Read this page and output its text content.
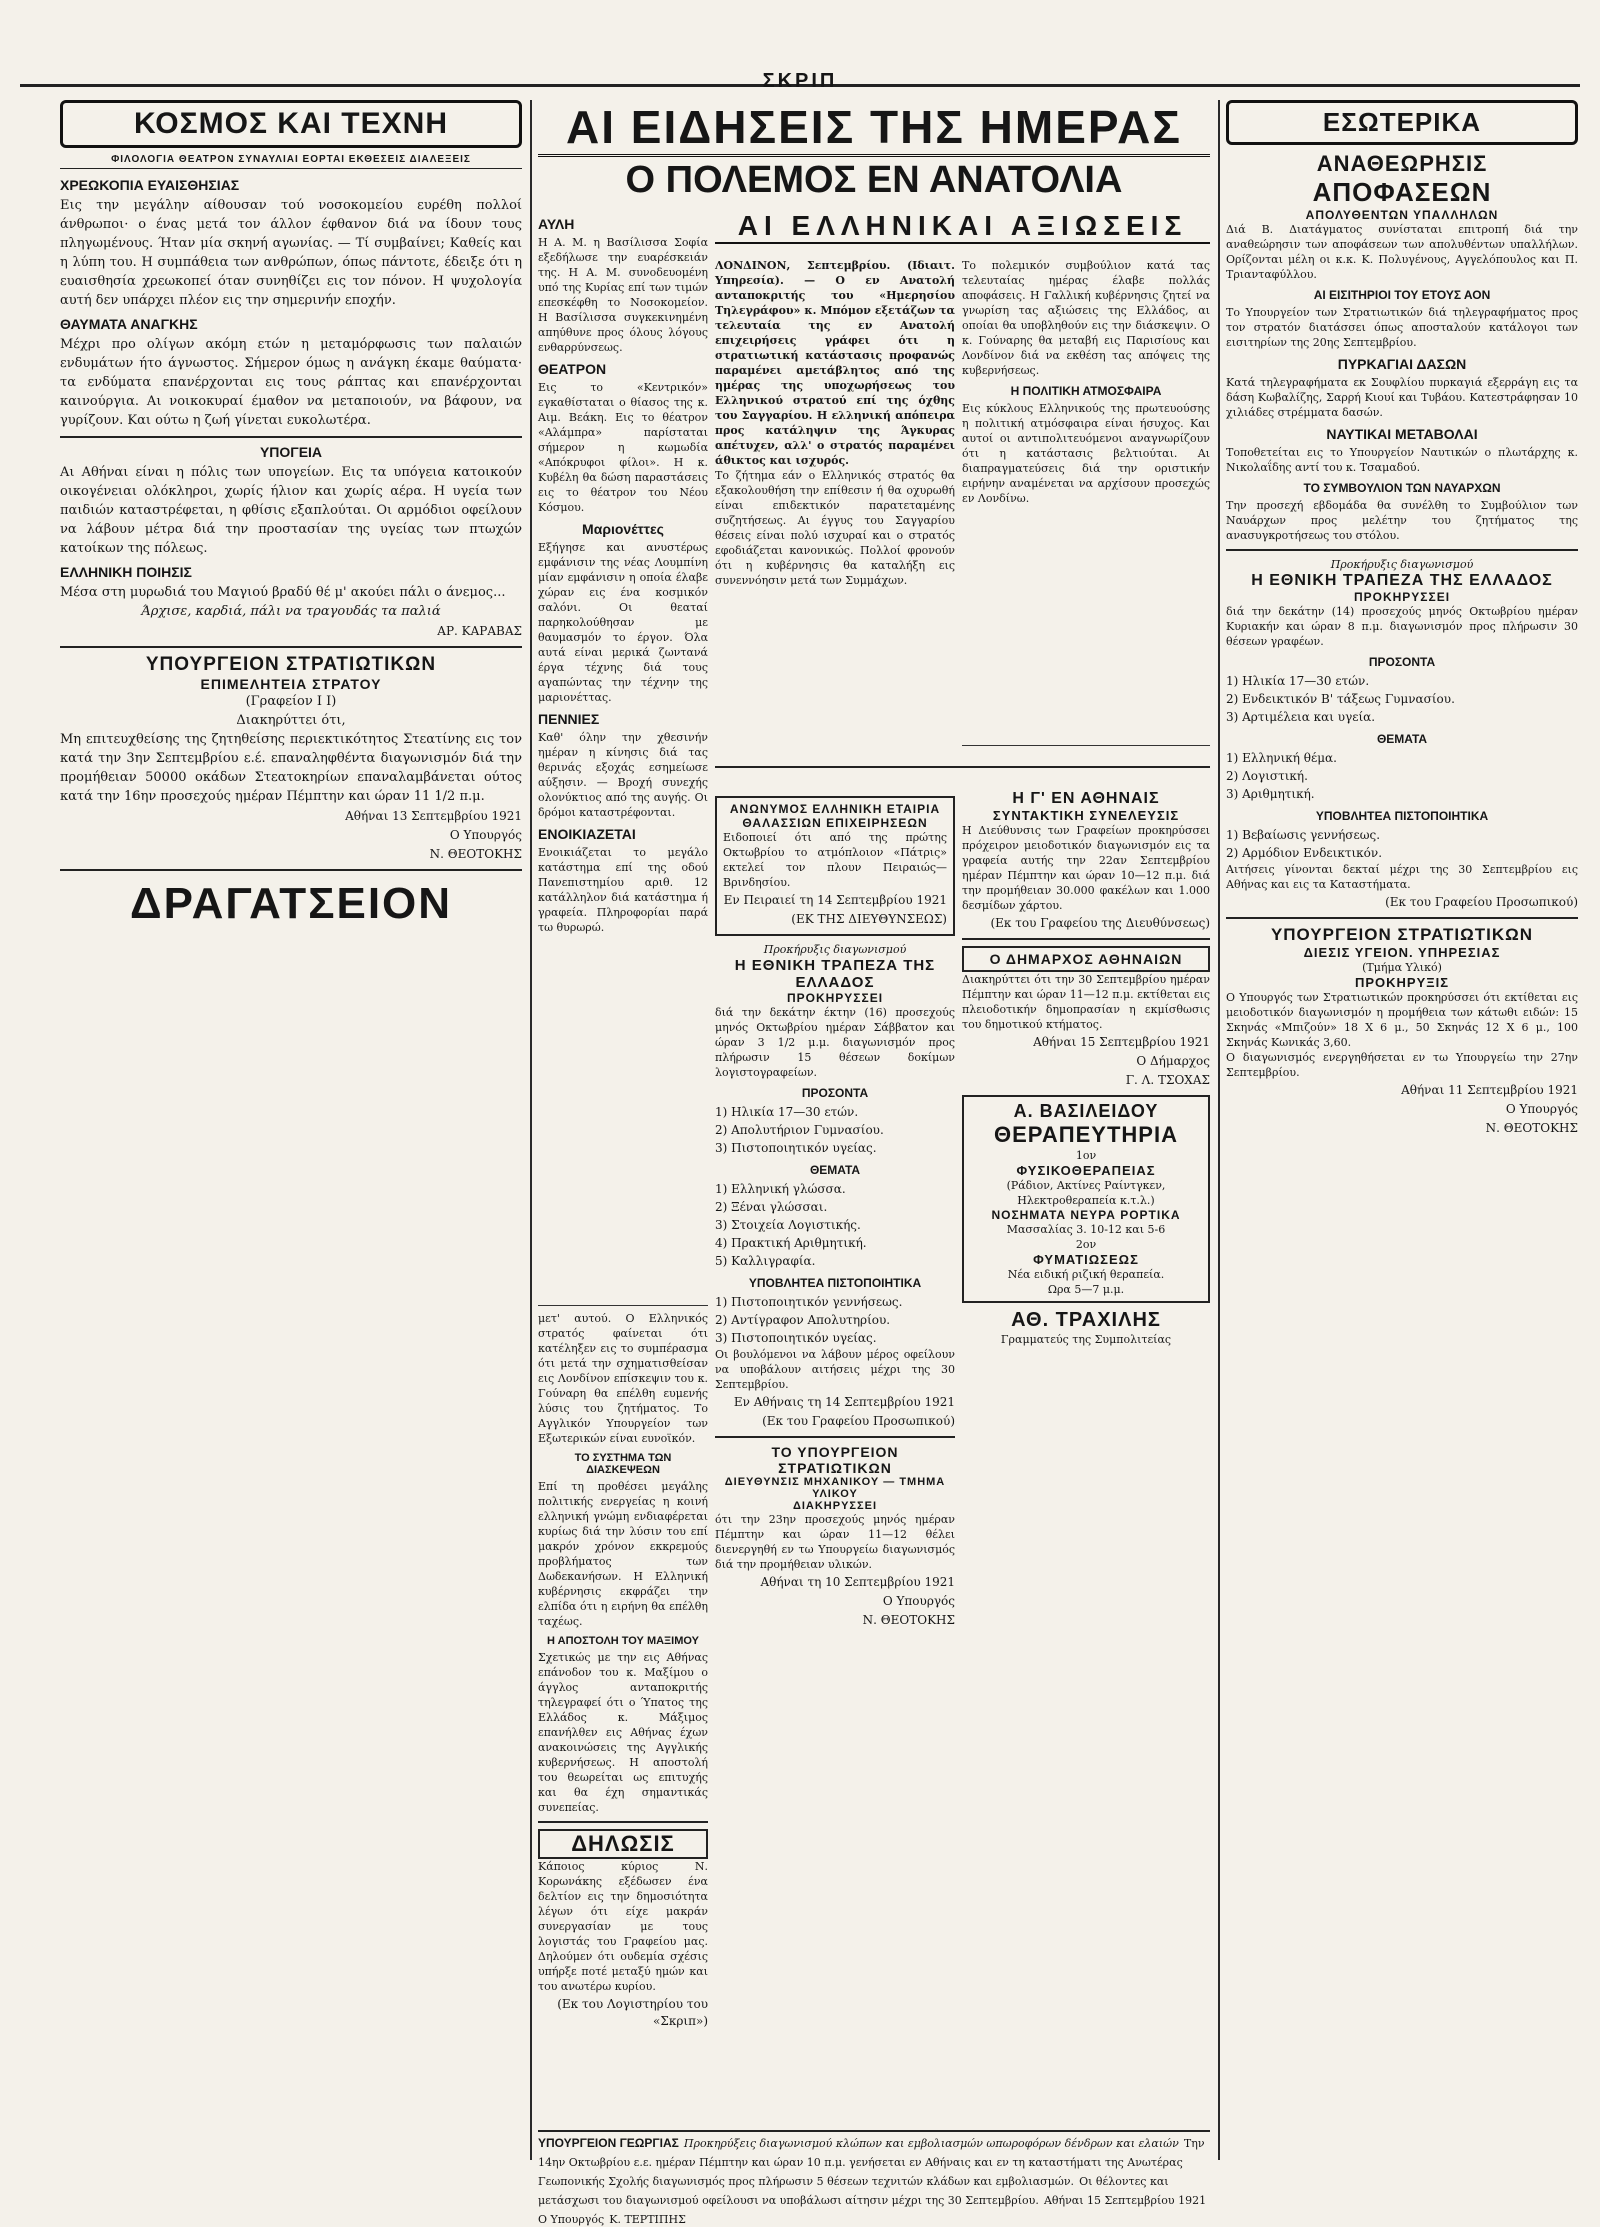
ΣΚΡΙΠ
ΚΟΣΜΟΣ ΚΑΙ ΤΕΧΝΗ
ΦΙΛΟΛΟΓΙΑ ΘΕΑΤΡΟΝ ΣΥΝΑΥΛΙΑΙ ΕΟΡΤΑΙ ΕΚΘΕΣΕΙΣ ΔΙΑΛΕΞΕΙΣ
ΧΡΕΩΚΟΠΙΑ ΕΥΑΙΣΘΗΣΙΑΣ

Εις την μεγάλην αίθουσαν τού νοσοκομείου ευρέθη πολλοί άνθρωποι· ο ένας μετά τον άλλον έφθανον διά να ίδουν τους πληγωμένους. Ήταν μία σκηνή αγωνίας. — Τί συμβαίνει; Καθείς και η λύπη του. Η συμπάθεια των ανθρώπων, όπως πάντοτε, έδειξε ότι η ευαισθησία χρεωκοπεί όταν συνηθίζει εις τον πόνον. Η ψυχολογία αυτή δεν υπάρχει πλέον εις την σημερινήν εποχήν.

ΘΑΥΜΑΤΑ ΑΝΑΓΚΗΣ

Μέχρι προ ολίγων ακόμη ετών η μεταμόρφωσις των παλαιών ενδυμάτων ήτο άγνωστος. Σήμερον όμως η ανάγκη έκαμε θαύματα· τα ενδύματα επανέρχονται εις τους ράπτας και επανέρχονται καινούργια. Αι νοικοκυραί έμαθον να μεταποιούν, να βάφουν, να γυρίζουν. Και ούτω η ζωή γίνεται ευκολωτέρα.

ΥΠΟΓΕΙΑ

Αι Αθήναι είναι η πόλις των υπογείων. Εις τα υπόγεια κατοικούν οικογένειαι ολόκληροι, χωρίς ήλιον και χωρίς αέρα. Η υγεία των παιδιών καταστρέφεται, η φθίσις εξαπλούται. Οι αρμόδιοι οφείλουν να λάβουν μέτρα διά την προστασίαν της υγείας των πτωχών κατοίκων της πόλεως.

ΕΛΛΗΝΙΚΗ ΠΟΙΗΣΙΣ

Μέσα στη μυρωδιά του Μαγιού βραδύ θέ μ' ακούει πάλι ο άνεμος...

Άρχισε, καρδιά, πάλι να τραγουδάς τα παλιά

ΑΡ. ΚΑΡΑΒΑΣ
ΥΠΟΥΡΓΕΙΟΝ ΣΤΡΑΤΙΩΤΙΚΩΝ
ΕΠΙΜΕΛΗΤΕΙΑ ΣΤΡΑΤΟΥ

(Γραφείον Ι Ι)

Διακηρύττει ότι,

Μη επιτευχθείσης της ζητηθείσης περιεκτικότητος Στεατίνης εις τον κατά την 3ην Σεπτεμβρίου ε.έ. επαναληφθέντα διαγωνισμόν διά την προμήθειαν 50000 οκάδων Στεατοκηρίων επαναλαμβάνεται ούτος κατά την 16ην προσεχούς ημέραν Πέμπτην και ώραν 11 1/2 π.μ.

Αθήναι 13 Σεπτεμβρίου 1921
Ο Υπουργός
Ν. ΘΕΟΤΟΚΗΣ
ΔΡΑΓΑΤΣΕΙΟΝ
ΑΥΛΗ

Η Α. Μ. η Βασίλισσα Σοφία εξεδήλωσε την ευαρέσκειάν της. Η Α. Μ. συνοδευομένη υπό της Κυρίας επί των τιμών επεσκέφθη το Νοσοκομείον. Η Βασίλισσα συγκεκινημένη απηύθυνε προς όλους λόγους ενθαρρύνσεως.

ΘΕΑΤΡΟΝ

Εις το «Κεντρικόν» εγκαθίσταται ο θίασος της κ. Αιμ. Βεάκη. Εις το θέατρον «Αλάμπρα» παρίσταται σήμερον η κωμωδία «Απόκρυφοι φίλοι». Η κ. Κυβέλη θα δώση παραστάσεις εις το θέατρον του Νέου Κόσμου.

Μαριονέττες

Εξήγησε και ανυστέρως εμφάνισιν της νέας Λουμπίνη μίαν εμφάνισιν η οποία έλαβε χώραν εις ένα κοσμικόν σαλόνι. Οι θεαταί παρηκολούθησαν με θαυμασμόν το έργον. Όλα αυτά είναι μερικά ζωντανά έργα τέχνης διά τους αγαπώντας την τέχνην της μαριονέττας.

ΠΕΝΝΙΕΣ

Καθ' όλην την χθεσινήν ημέραν η κίνησις διά τας θερινάς εξοχάς εσημείωσε αύξησιν. — Βροχή συνεχής ολονύκτιος από της αυγής. Οι δρόμοι καταστρέφονται.

ΕΝΟΙΚΙΑΖΕΤΑΙ

Ενοικιάζεται το μεγάλο κατάστημα επί της οδού Πανεπιστημίου αριθ. 12 κατάλληλον διά κατάστημα ή γραφεία. Πληροφορίαι παρά τω θυρωρώ.

ΑΙ ΕΙΔΗΣΕΙΣ ΤΗΣ ΗΜΕΡΑΣ
Ο ΠΟΛΕΜΟΣ ΕΝ ΑΝΑΤΟΛΙΑ
ΑΙ ΕΛΛΗΝΙΚΑΙ ΑΞΙΩΣΕΙΣ

ΛΟΝΔΙΝΟΝ, Σεπτεμβρίου. (Ιδιαιτ. Υπηρεσία). — Ο εν Ανατολή ανταποκριτής του «Ημερησίου Τηλεγράφου» κ. Μπόμον εξετάζων τα τελευταία της εν Ανατολή επιχειρήσεις γράφει ότι η στρατιωτική κατάστασις προφανώς παραμένει αμετάβλητος από της ημέρας της υποχωρήσεως του Ελληνικού στρατού επί της όχθης του Σαγγαρίου. Η ελληνική απόπειρα προς κατάληψιν της Άγκυρας απέτυχεν, αλλ' ο στρατός παραμένει άθικτος και ισχυρός.

Το ζήτημα εάν ο Ελληνικός στρατός θα εξακολουθήση την επίθεσιν ή θα οχυρωθή είναι επιδεκτικόν παρατεταμένης συζητήσεως. Αι έγγυς του Σαγγαρίου θέσεις είναι πολύ ισχυραί και ο στρατός εφοδιάζεται κανονικώς. Πολλοί φρονούν ότι η κυβέρνησις θα καταλήξη εις συνεννόησιν μετά των Συμμάχων.

Το πολεμικόν συμβούλιον κατά τας τελευταίας ημέρας έλαβε πολλάς αποφάσεις. Η Γαλλική κυβέρνησις ζητεί να γνωρίση τας αξιώσεις της Ελλάδος, αι οποίαι θα υποβληθούν εις την διάσκεψιν. Ο κ. Γούναρης θα μεταβή εις Παρισίους και Λονδίνον διά να εκθέση τας απόψεις της κυβερνήσεως.

Η ΠΟΛΙΤΙΚΗ ΑΤΜΟΣΦΑΙΡΑ

Εις κύκλους Ελληνικούς της πρωτευούσης η πολιτική ατμόσφαιρα είναι ήσυχος. Και αυτοί οι αντιπολιτευόμενοι αναγνωρίζουν ότι η κατάστασις βελτιούται. Αι διαπραγματεύσεις διά την οριστικήν ειρήνην αναμένεται να αρχίσουν προσεχώς εν Λονδίνω.

ΑΝΩΝΥΜΟΣ ΕΛΛΗΝΙΚΗ ΕΤΑΙΡΙΑ ΘΑΛΑΣΣΙΩΝ ΕΠΙΧΕΙΡΗΣΕΩΝ

Ειδοποιεί ότι από της πρώτης Οκτωβρίου το ατμόπλοιον «Πάτρις» εκτελεί τον πλουν Πειραιώς—Βρινδησίου.

Εν Πειραιεί τη 14 Σεπτεμβρίου 1921
(ΕΚ ΤΗΣ ΔΙΕΥΘΥΝΣΕΩΣ)

Προκήρυξις διαγωνισμού

Η ΕΘΝΙΚΗ ΤΡΑΠΕΖΑ ΤΗΣ ΕΛΛΑΔΟΣ
ΠΡΟΚΗΡΥΣΣΕΙ

διά την δεκάτην έκτην (16) προσεχούς μηνός Οκτωβρίου ημέραν Σάββατον και ώραν 3 1/2 μ.μ. διαγωνισμόν προς πλήρωσιν 15 θέσεων δοκίμων λογιστογραφείων.

ΠΡΟΣΟΝΤΑ

1) Ηλικία 17—30 ετών.

2) Απολυτήριον Γυμνασίου.

3) Πιστοποιητικόν υγείας.

ΘΕΜΑΤΑ

1) Ελληνική γλώσσα.

2) Ξέναι γλώσσαι.

3) Στοιχεία Λογιστικής.

4) Πρακτική Αριθμητική.

5) Καλλιγραφία.

ΥΠΟΒΛΗΤΕΑ ΠΙΣΤΟΠΟΙΗΤΙΚΑ

1) Πιστοποιητικόν γεννήσεως.

2) Αντίγραφον Απολυτηρίου.

3) Πιστοποιητικόν υγείας.

Οι βουλόμενοι να λάβουν μέρος οφείλουν να υποβάλουν αιτήσεις μέχρι της 30 Σεπτεμβρίου.

Εν Αθήναις τη 14 Σεπτεμβρίου 1921
(Εκ του Γραφείου Προσωπικού)
ΤΟ ΥΠΟΥΡΓΕΙΟΝ ΣΤΡΑΤΙΩΤΙΚΩΝ
ΔΙΕΥΘΥΝΣΙΣ ΜΗΧΑΝΙΚΟΥ — ΤΜΗΜΑ ΥΛΙΚΟΥ
ΔΙΑΚΗΡΥΣΣΕΙ

ότι την 23ην προσεχούς μηνός ημέραν Πέμπτην και ώραν 11—12 θέλει διενεργηθή εν τω Υπουργείω διαγωνισμός διά την προμήθειαν υλικών.

Αθήναι τη 10 Σεπτεμβρίου 1921
Ο Υπουργός
Ν. ΘΕΟΤΟΚΗΣ
Η Γ' ΕΝ ΑΘΗΝΑΙΣ
ΣΥΝΤΑΚΤΙΚΗ ΣΥΝΕΛΕΥΣΙΣ

Η Διεύθυνσις των Γραφείων προκηρύσσει πρόχειρον μειοδοτικόν διαγωνισμόν εις τα γραφεία αυτής την 22αν Σεπτεμβρίου ημέραν Πέμπτην και ώραν 10—12 π.μ. διά την προμήθειαν 30.000 φακέλων και 1.000 δεσμίδων χάρτου.

(Εκ του Γραφείου της Διευθύνσεως)
Ο ΔΗΜΑΡΧΟΣ ΑΘΗΝΑΙΩΝ

Διακηρύττει ότι την 30 Σεπτεμβρίου ημέραν Πέμπτην και ώραν 11—12 π.μ. εκτίθεται εις πλειοδοτικήν δημοπρασίαν η εκμίσθωσις του δημοτικού κτήματος.

Αθήναι 15 Σεπτεμβρίου 1921
Ο Δήμαρχος
Γ. Λ. ΤΣΟΧΑΣ
Α. ΒΑΣΙΛΕΙΔΟΥ
ΘΕΡΑΠΕΥΤΗΡΙΑ

1ον

ΦΥΣΙΚΟΘΕΡΑΠΕΙΑΣ

(Ράδιον, Ακτίνες Ραίντγκεν, Ηλεκτροθεραπεία κ.τ.λ.)

ΝΟΣΗΜΑΤΑ ΝΕΥΡΑ ΡΟΡΤΙΚΑ

Μασσαλίας 3. 10-12 και 5-6

2ον

ΦΥΜΑΤΙΩΣΕΩΣ

Νέα ειδική ριζική θεραπεία.

Ωρα 5—7 μ.μ.

ΑΘ. ΤΡΑΧΙΛΗΣ

Γραμματεύς της Συμπολιτείας

ΕΣΩΤΕΡΙΚΑ
ΑΝΑΘΕΩΡΗΣΙΣ
ΑΠΟΦΑΣΕΩΝ
ΑΠΟΛΥΘΕΝΤΩΝ ΥΠΑΛΛΗΛΩΝ

Διά Β. Διατάγματος συνίσταται επιτροπή διά την αναθεώρησιν των αποφάσεων των απολυθέντων υπαλλήλων. Ορίζονται μέλη οι κ.κ. Κ. Πολυγένους, Αγγελόπουλος και Π. Τριανταφύλλου.

ΑΙ ΕΙΣΙΤΗΡΙΟΙ ΤΟΥ ΕΤΟΥΣ ΑΟΝ

Το Υπουργείον των Στρατιωτικών διά τηλεγραφήματος προς τον στρατόν διατάσσει όπως αποσταλούν κατάλογοι των εισιτηρίων της 20ης Σεπτεμβρίου.

ΠΥΡΚΑΓΙΑΙ ΔΑΣΩΝ

Κατά τηλεγραφήματα εκ Σουφλίου πυρκαγιά εξερράγη εις τα δάση Κωβαλίζης, Σαρρή Κιουί και Τυβάου. Κατεστράφησαν 10 χιλιάδες στρέμματα δασών.

ΝΑΥΤΙΚΑΙ ΜΕΤΑΒΟΛΑΙ

Τοποθετείται εις το Υπουργείον Ναυτικών ο πλωτάρχης κ. Νικολαΐδης αντί του κ. Τσαμαδού.

ΤΟ ΣΥΜΒΟΥΛΙΟΝ ΤΩΝ ΝΑΥΑΡΧΩΝ

Την προσεχή εβδομάδα θα συνέλθη το Συμβούλιον των Ναυάρχων προς μελέτην του ζητήματος της ανασυγκροτήσεως του στόλου.

Προκήρυξις διαγωνισμού

Η ΕΘΝΙΚΗ ΤΡΑΠΕΖΑ ΤΗΣ ΕΛΛΑΔΟΣ
ΠΡΟΚΗΡΥΣΣΕΙ

διά την δεκάτην (14) προσεχούς μηνός Οκτωβρίου ημέραν Κυριακήν και ώραν 8 π.μ. διαγωνισμόν προς πλήρωσιν 30 θέσεων γραφέων.

ΠΡΟΣΟΝΤΑ

1) Ηλικία 17—30 ετών.

2) Ενδεικτικόν Β' τάξεως Γυμνασίου.

3) Αρτιμέλεια και υγεία.

ΘΕΜΑΤΑ

1) Ελληνική θέμα.

2) Λογιστική.

3) Αριθμητική.

ΥΠΟΒΛΗΤΕΑ ΠΙΣΤΟΠΟΙΗΤΙΚΑ

1) Βεβαίωσις γεννήσεως.

2) Αρμόδιον Ενδεικτικόν.

Αιτήσεις γίνονται δεκταί μέχρι της 30 Σεπτεμβρίου εις Αθήνας και εις τα Καταστήματα.

(Εκ του Γραφείου Προσωπικού)
ΥΠΟΥΡΓΕΙΟΝ ΣΤΡΑΤΙΩΤΙΚΩΝ
ΔΙΕΣΙΣ ΥΓΕΙΟΝ. ΥΠΗΡΕΣΙΑΣ

(Τμήμα Υλικό)

ΠΡΟΚΗΡΥΞΙΣ

Ο Υπουργός των Στρατιωτικών προκηρύσσει ότι εκτίθεται εις μειοδοτικόν διαγωνισμόν η προμήθεια των κάτωθι ειδών: 15 Σκηνάς «Μπιζούν» 18 X 6 μ., 50 Σκηνάς 12 X 6 μ., 100 Σκηνάς Κωνικάς 3,60.

Ο διαγωνισμός ενεργηθήσεται εν τω Υπουργείω την 27ην Σεπτεμβρίου.

Αθήναι 11 Σεπτεμβρίου 1921
Ο Υπουργός
Ν. ΘΕΟΤΟΚΗΣ

μετ' αυτού. Ο Ελληνικός στρατός φαίνεται ότι κατέληξεν εις το συμπέρασμα ότι μετά την σχηματισθείσαν εις Λονδίνον επίσκεψιν του κ. Γούναρη θα επέλθη ευμενής λύσις του ζητήματος. Το Αγγλικόν Υπουργείον των Εξωτερικών είναι ευνοϊκόν.

ΤΟ ΣΥΣΤΗΜΑ ΤΩΝ ΔΙΑΣΚΕΨΕΩΝ

Επί τη προθέσει μεγάλης πολιτικής ενεργείας η κοινή ελληνική γνώμη ενδιαφέρεται κυρίως διά την λύσιν του επί μακρόν χρόνον εκκρεμούς προβλήματος των Δωδεκανήσων. Η Ελληνική κυβέρνησις εκφράζει την ελπίδα ότι η ειρήνη θα επέλθη ταχέως.

Η ΑΠΟΣΤΟΛΗ ΤΟΥ ΜΑΞΙΜΟΥ

Σχετικώς με την εις Αθήνας επάνοδον του κ. Μαξίμου ο άγγλος ανταποκριτής τηλεγραφεί ότι ο Ύπατος της Ελλάδος κ. Μάξιμος επανήλθεν εις Αθήνας έχων ανακοινώσεις της Αγγλικής κυβερνήσεως. Η αποστολή του θεωρείται ως επιτυχής και θα έχη σημαντικάς συνεπείας.

ΔΗΛΩΣΙΣ

Κάποιος κύριος Ν. Κορωνάκης εξέδωσεν ένα δελτίον εις την δημοσιότητα λέγων ότι είχε μακράν συνεργασίαν με τους λογιστάς του Γραφείου μας. Δηλούμεν ότι ουδεμία σχέσις υπήρξε ποτέ μεταξύ ημών και του ανωτέρω κυρίου.

(Εκ του Λογιστηρίου του «Σκριπ»)
ΥΠΟΥΡΓΕΙΟΝ ΓΕΩΡΓΙΑΣ Προκηρύξεις διαγωνισμού κλώπων και εμβολιασμών ωπωροφόρων δένδρων και ελαιών Την 14ην Οκτωβρίου ε.ε. ημέραν Πέμπτην και ώραν 10 π.μ. γενήσεται εν Αθήναις και εν τη καταστήματι της Ανωτέρας Γεωπονικής Σχολής διαγωνισμός προς πλήρωσιν 5 θέσεων τεχνιτών κλάδων και εμβολιασμών. Οι θέλοντες και μετάσχωσι του διαγωνισμού οφείλουσι να υποβάλωσι αίτησιν μέχρι της 30 Σεπτεμβρίου. Αθήναι 15 Σεπτεμβρίου 1921 Ο Υπουργός Κ. ΤΕΡΤΙΠΗΣ
